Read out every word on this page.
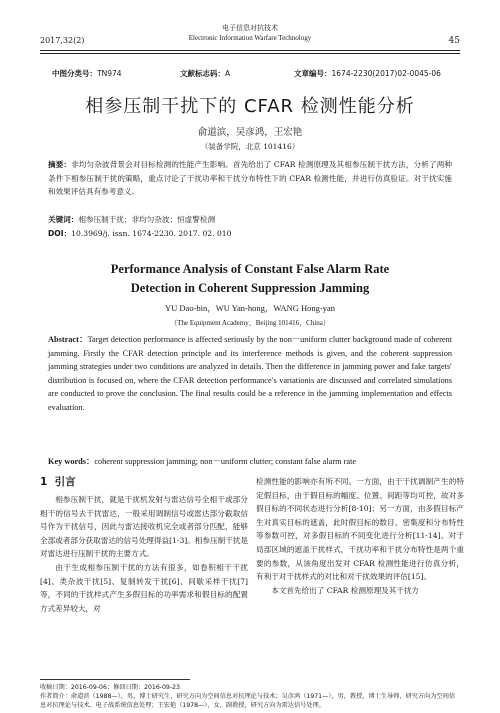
2017,32(2)
电子信息对抗技术
Electronic Information Warfare Technology	45
中图分类号：TN974	文献标志码：A	文章编号：1674-2230(2017)02-0045-06
相参压制干扰下的 CFAR 检测性能分析
俞道滨，吴彦鸿，王宏艳
（装备学院，北京 101416）
摘要：非均匀杂波背景会对目标检测的性能产生影响。首先给出了 CFAR 检测原理及其相参压制干扰方法，分析了两种条件下相参压制干扰的策略，重点讨论了干扰功率和干扰分布特性下的 CFAR 检测性能，并进行仿真验证。对干扰实施和效果评估具有参考意义。
关键词：相参压制干扰；非均匀杂波；恒虚警检测
DOI：10.3969/j. issn. 1674-2230. 2017. 02. 010
Performance Analysis of Constant False Alarm Rate
Detection in Coherent Suppression Jamming
YU Dao-bin，WU Yan-hong，WANG Hong-yan
（The Equipment Academy，Beijing 101416，China）
Abstract：Target detection performance is affected seriously by the non－uniform clutter background made of coherent jamming. Firstly the CFAR detection principle and its interference methods is given, and the coherent suppression jamming strategies under two conditions are analyzed in details. Then the difference in jamming power and fake targets′ distribution is focused on, where the CFAR detection performance′s variationis are discussed and correlated simulations are conducted to prove the conclusion. The final results could be a reference in the jamming implementation and effects evaluation.
Key words：coherent suppression jamming; non－uniform clutter; constant false alarm rate
1 引言

相参压制干扰，就是干扰机发射与雷达信号全相干或部分相干的信号去干扰雷达，一般采用调制信号或雷达部分截取信号作为干扰信号，因此与雷达接收机完全或者部分匹配，能够全部或者部分获取雷达的信号处理得益[1-3]。相参压制干扰是对雷达进行压制干扰的主要方式。

由于生成相参压制干扰的方法有很多，如卷积相干干扰[4]、类杂波干扰[5]、复制转发干扰[6]、间歇采样干扰[7]等，不同的干扰样式产生多假目标的功率需求和假目标的配置方式差异较大，对

检测性能的影响亦有所不同。一方面，由于干扰调制产生的特定假目标，由于假目标的幅度、位置、间距等均可控，故对多假目标的不同状态进行分析[8-10]；另一方面，由多假目标产生对真实目标的遮盖，此时假目标的数目、密集度和分布特性等参数可控，对多假目标的不同变化进行分析[11-14]。对于局部区域的遮盖干扰样式，干扰功率和干扰分布特性是两个重要的参数，从该角度出发对 CFAR 检测性能进行仿真分析，有利于对干扰样式的对比和对干扰效果的评估[15]。

本文首先给出了 CFAR 检测原理及其干扰方

收稿日期：2016-09-06；修回日期：2016-09-23
作者简介：俞道滨（1988—），男，博士研究生，研究方向为空间信息对抗理论与技术；吴彦鸿（1971—），男，教授，博士生导师，研究方向为空间信息对抗理论与技术、电子战系统信息处理；王宏艳（1978—），女，副教授，研究方向为雷达信号处理。
